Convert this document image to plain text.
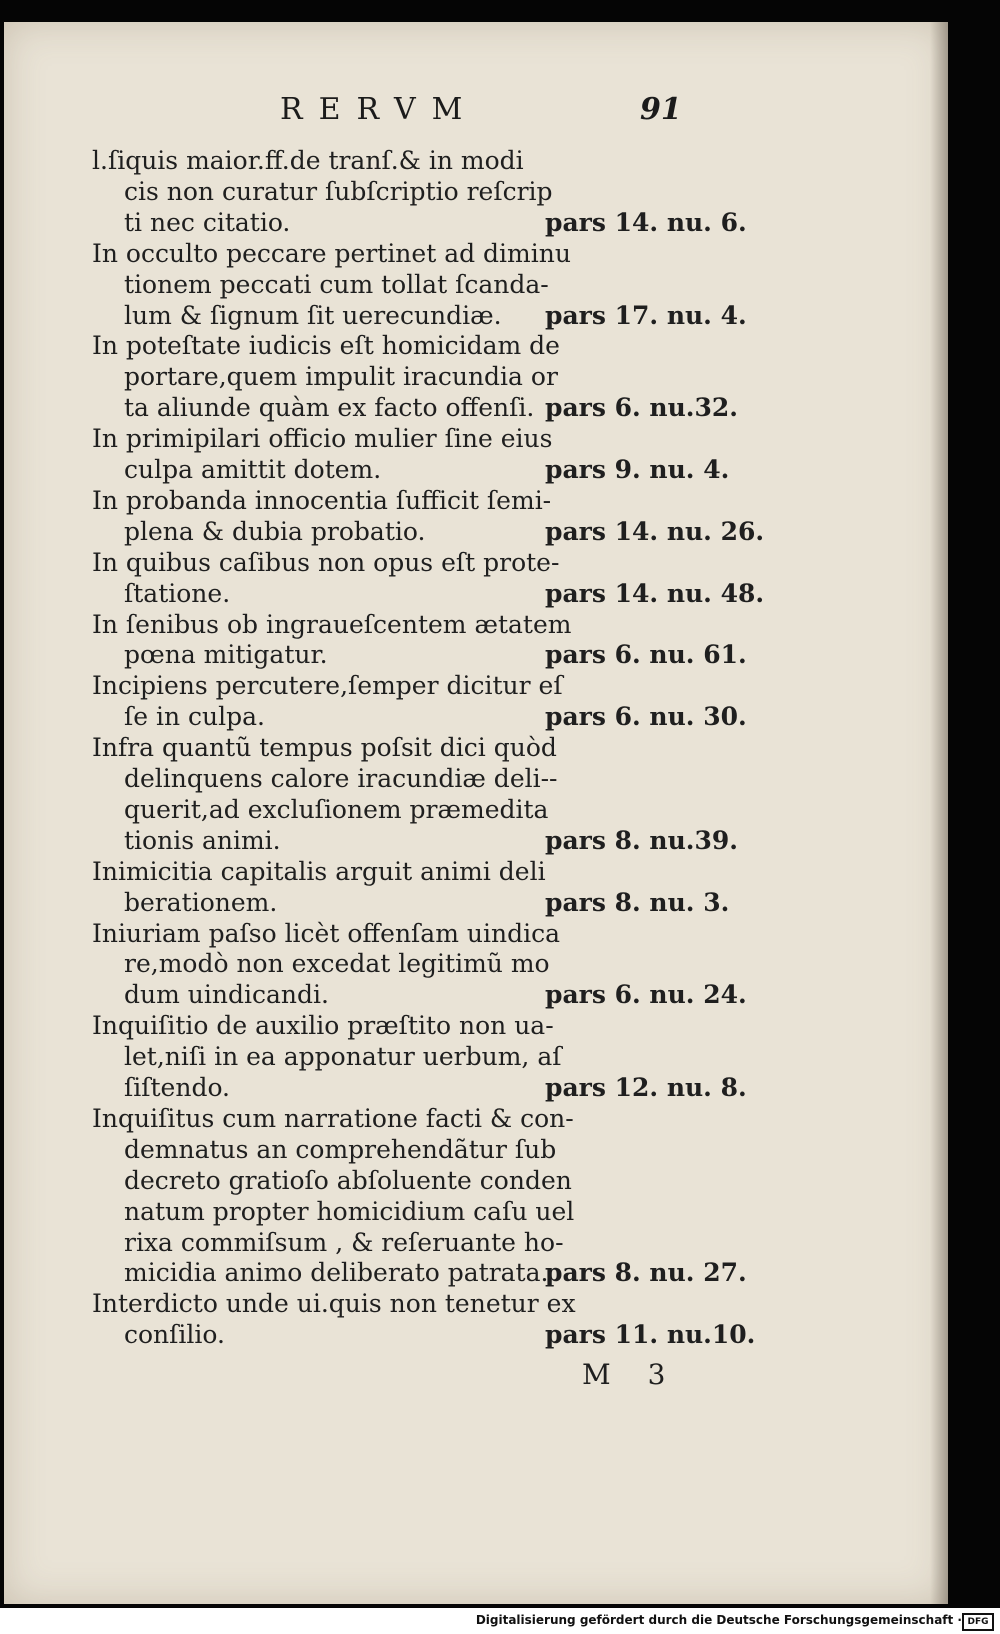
RERVM	91
l.ſiquis maior.ff.de tranſ.& in modi
cis non curatur ſubſcriptio reſcrip
ti nec citatio.	pars 14. nu. 6.
In occulto peccare pertinet ad diminu
tionem peccati cum tollat ſcanda-
lum & ſignum ſit uerecundiæ. pars 17. nu. 4.
In poteſtate iudicis eſt homicidam de
portare,quem impulit iracundia or
ta aliunde quàm ex facto offenſi. pars 6. nu.32.
In primipilari officio mulier ſine eius
culpa amittit dotem.	pars 9. nu. 4.
In probanda innocentia ſufficit ſemi-
plena & dubia probatio.	pars 14. nu. 26.
In quibus caſibus non opus eſt prote-
ſtatione.	pars 14. nu. 48.
In ſenibus ob ingraueſcentem ætatem
pœna mitigatur.	pars 6. nu. 61.
Incipiens percutere,ſemper dicitur eſ
ſe in culpa.	pars 6. nu. 30.
Infra quantũ tempus poſsit dici quòd
delinquens calore iracundiæ deli--
querit,ad excluſionem præmedita
tionis animi.	pars 8. nu.39.
Inimicitia capitalis arguit animi deli
berationem.	pars 8. nu. 3.
Iniuriam paſso licèt offenſam uindica
re,modò non excedat legitimũ mo
dum uindicandi.	pars 6. nu. 24.
Inquiſitio de auxilio præſtito non ua-
let,niſi in ea apponatur uerbum, aſ
ſiſtendo.	pars 12. nu. 8.
Inquiſitus cum narratione facti & con-
demnatus an comprehendãtur ſub
decreto gratioſo abſoluente conden
natum propter homicidium caſu uel
rixa commiſsum , & reſeruante ho-
micidia animo deliberato patrata.
pars 8. nu. 27.
Interdicto unde ui.quis non tenetur ex
conſilio.	pars 11. nu.10.
M 3
Digitalisierung gefördert durch die Deutsche Forschungsgemeinschaft · DFG
